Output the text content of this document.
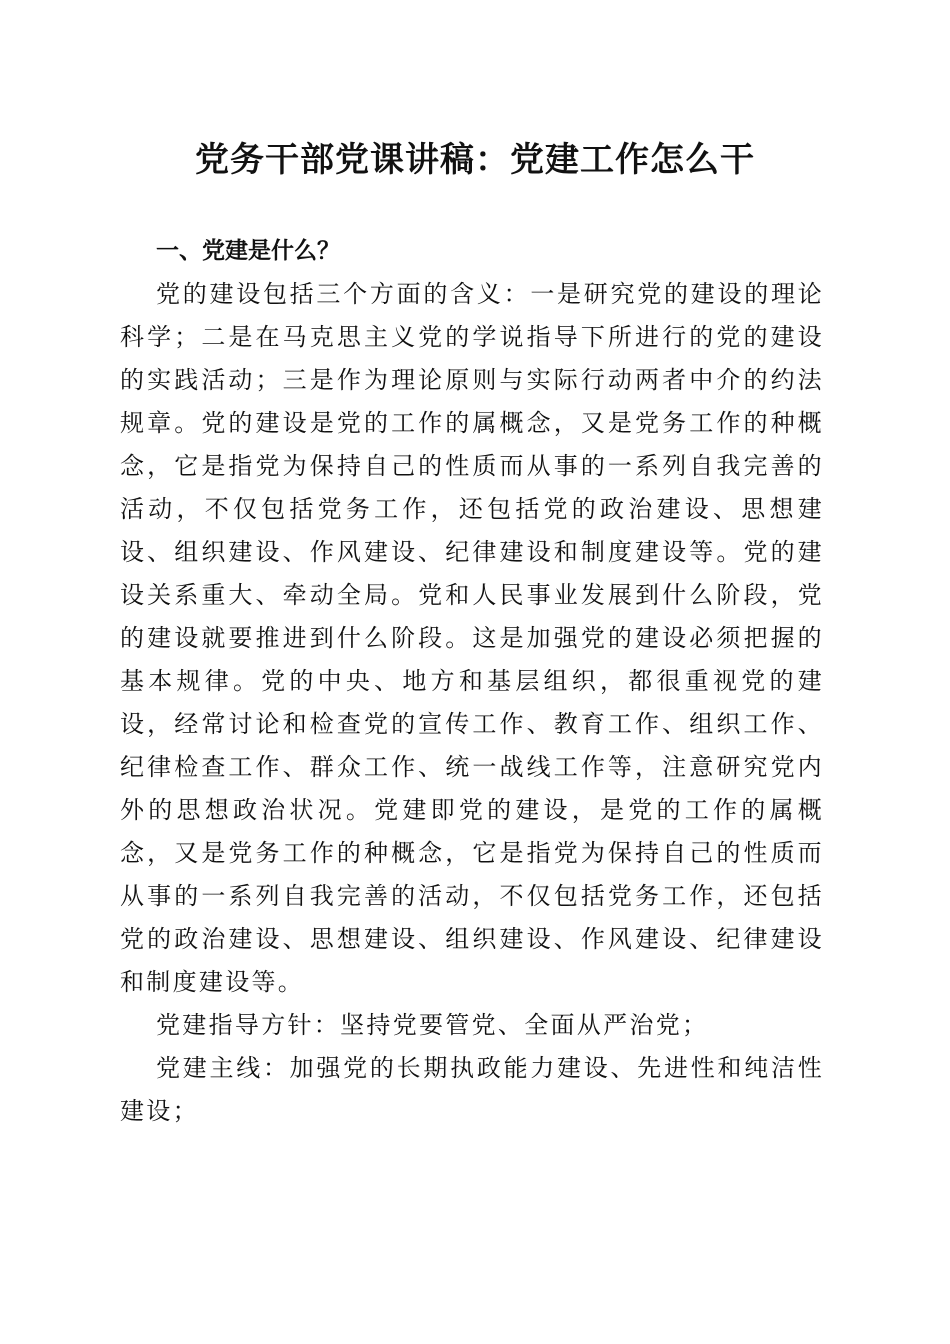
党务干部党课讲稿：党建工作怎么干
一、党建是什么？

党的建设包括三个方面的含义：一是研究党的建设的理论科学；二是在马克思主义党的学说指导下所进行的党的建设的实践活动；三是作为理论原则与实际行动两者中介的约法规章。党的建设是党的工作的属概念，又是党务工作的种概念，它是指党为保持自己的性质而从事的一系列自我完善的活动，不仅包括党务工作，还包括党的政治建设、思想建设、组织建设、作风建设、纪律建设和制度建设等。党的建设关系重大、牵动全局。党和人民事业发展到什么阶段，党的建设就要推进到什么阶段。这是加强党的建设必须把握的基本规律。党的中央、地方和基层组织，都很重视党的建设，经常讨论和检查党的宣传工作、教育工作、组织工作、纪律检查工作、群众工作、统一战线工作等，注意研究党内外的思想政治状况。党建即党的建设，是党的工作的属概念，又是党务工作的种概念，它是指党为保持自己的性质而从事的一系列自我完善的活动，不仅包括党务工作，还包括党的政治建设、思想建设、组织建设、作风建设、纪律建设和制度建设等。

党建指导方针：坚持党要管党、全面从严治党；

党建主线：加强党的长期执政能力建设、先进性和纯洁性建设；
